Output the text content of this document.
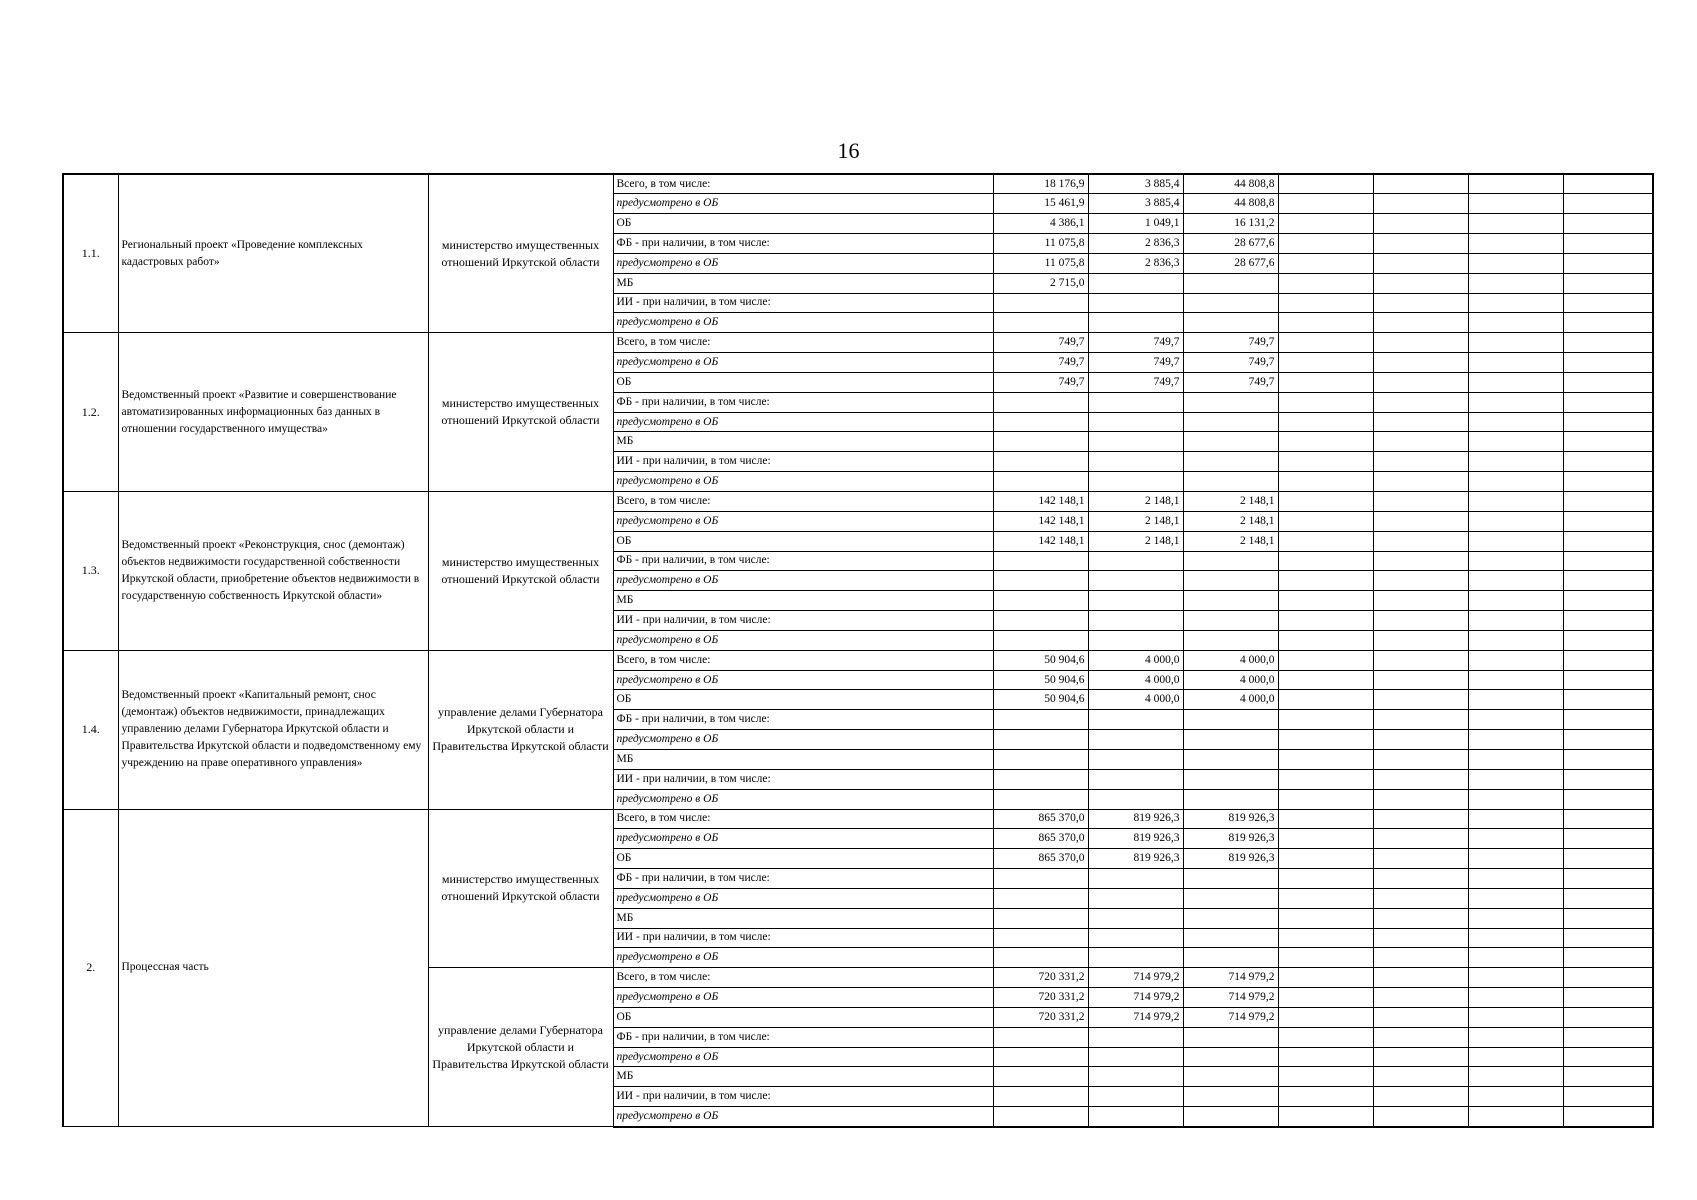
16
1.1.	Региональный проект «Проведение комплексных кадастровых работ»	министерство имущественных отношений Иркутской области	Всего, в том числе:	18 176,9	3 885,4	44 808,8				
			предусмотрено в ОБ	15 461,9	3 885,4	44 808,8				
			ОБ	4 386,1	1 049,1	16 131,2				
			ФБ - при наличии, в том числе:	11 075,8	2 836,3	28 677,6				
			предусмотрено в ОБ	11 075,8	2 836,3	28 677,6				
			МБ	2 715,0						
			ИИ - при наличии, в том числе:							
			предусмотрено в ОБ							
1.2.	Ведомственный проект «Развитие и совершенствование автоматизированных информационных баз данных в отношении государственного имущества»	министерство имущественных отношений Иркутской области	Всего, в том числе:	749,7	749,7	749,7				
			предусмотрено в ОБ	749,7	749,7	749,7				
			ОБ	749,7	749,7	749,7				
			ФБ - при наличии, в том числе:							
			предусмотрено в ОБ							
			МБ							
			ИИ - при наличии, в том числе:							
			предусмотрено в ОБ							
1.3.	Ведомственный проект «Реконструкция, снос (демонтаж) объектов недвижимости государственной собственности Иркутской области, приобретение объектов недвижимости в государственную собственность Иркутской области»	министерство имущественных отношений Иркутской области	Всего, в том числе:	142 148,1	2 148,1	2 148,1				
			предусмотрено в ОБ	142 148,1	2 148,1	2 148,1				
			ОБ	142 148,1	2 148,1	2 148,1				
			ФБ - при наличии, в том числе:							
			предусмотрено в ОБ							
			МБ							
			ИИ - при наличии, в том числе:							
			предусмотрено в ОБ							
1.4.	Ведомственный проект «Капитальный ремонт, снос (демонтаж) объектов недвижимости, принадлежащих управлению делами Губернатора Иркутской области и Правительства Иркутской области и подведомственному ему учреждению на праве оперативного управления»	управление делами Губернатора Иркутской области и Правительства Иркутской области	Всего, в том числе:	50 904,6	4 000,0	4 000,0				
			предусмотрено в ОБ	50 904,6	4 000,0	4 000,0				
			ОБ	50 904,6	4 000,0	4 000,0				
			ФБ - при наличии, в том числе:							
			предусмотрено в ОБ							
			МБ							
			ИИ - при наличии, в том числе:							
			предусмотрено в ОБ							
2.	Процессная часть	министерство имущественных отношений Иркутской области	Всего, в том числе:	865 370,0	819 926,3	819 926,3				
			предусмотрено в ОБ	865 370,0	819 926,3	819 926,3				
			ОБ	865 370,0	819 926,3	819 926,3				
			ФБ - при наличии, в том числе:							
			предусмотрено в ОБ							
			МБ							
			ИИ - при наличии, в том числе:							
			предусмотрено в ОБ							
		управление делами Губернатора Иркутской области и Правительства Иркутской области	Всего, в том числе:	720 331,2	714 979,2	714 979,2				
			предусмотрено в ОБ	720 331,2	714 979,2	714 979,2				
			ОБ	720 331,2	714 979,2	714 979,2				
			ФБ - при наличии, в том числе:							
			предусмотрено в ОБ							
			МБ							
			ИИ - при наличии, в том числе:							
			предусмотрено в ОБ							
